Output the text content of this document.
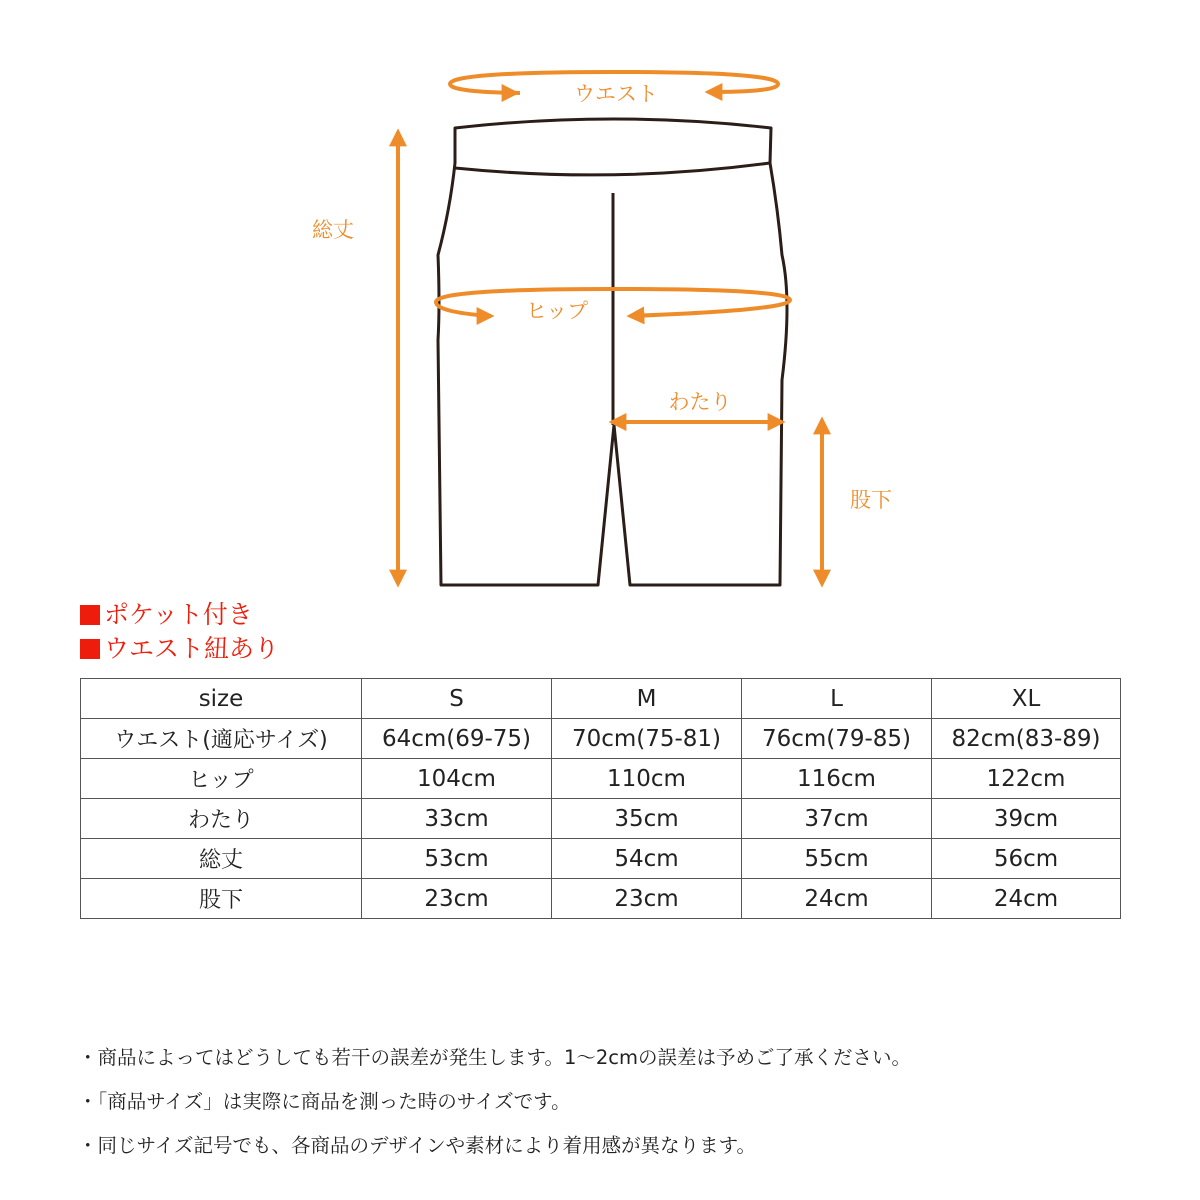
ウエスト
総丈
ヒップ
わたり
股下
ポケット付き
ウエスト紐あり
size	S	M	L	XL
ウエスト(適応サイズ)	64cm(69-75)	70cm(75-81)	76cm(79-85)	82cm(83-89)
ヒップ	104cm	110cm	116cm	122cm
わたり	33cm	35cm	37cm	39cm
総丈	53cm	54cm	55cm	56cm
股下	23cm	23cm	24cm	24cm
・商品によってはどうしても若干の誤差が発生します。1〜2cmの誤差は予めご了承ください。
・「商品サイズ」は実際に商品を測った時のサイズです。
・同じサイズ記号でも、各商品のデザインや素材により着用感が異なります。
